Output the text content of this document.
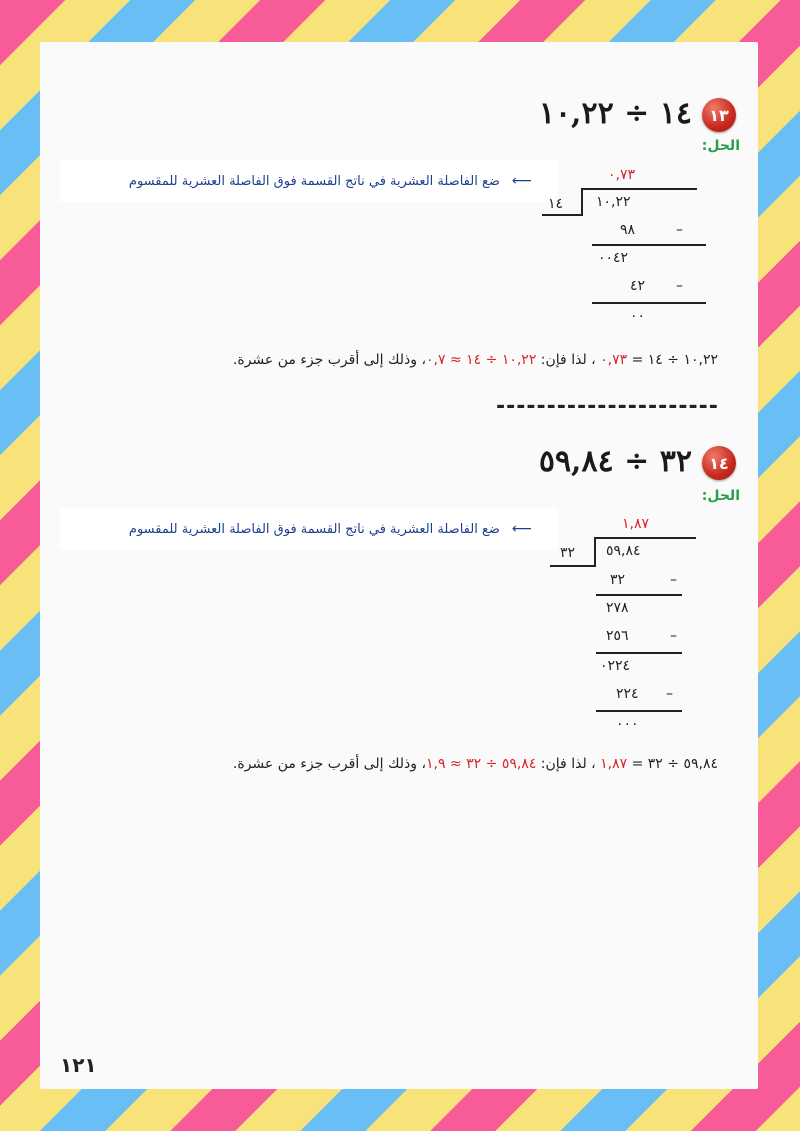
١٣
١٤ ÷ ١٠,٢٢
الحل:
ضع الفاصلة العشرية في ناتج القسمة فوق الفاصلة العشرية للمقسوم ⟵	٠,٧٣
١٤ ١٠,٢٢
٩٨	–
٠٠٤٢
٤٢ –
٠٠
١٠,٢٢ ÷ ١٤ = ٠,٧٣ ، لذا فإن: ١٠,٢٢ ÷ ١٤ ≈ ٠,٧، وذلك إلى أقرب جزء من عشرة.
----------------------
١٤
٣٢ ÷ ٥٩,٨٤
الحل:
ضع الفاصلة العشرية في ناتج القسمة فوق الفاصلة العشرية للمقسوم ⟵	١,٨٧
٣٢ ٥٩,٨٤
٣٢	–
٢٧٨
٢٥٦	–
٠٢٢٤
٢٢٤ –
٠٠٠
٥٩,٨٤ ÷ ٣٢ = ١,٨٧ ، لذا فإن: ٥٩,٨٤ ÷ ٣٢ ≈ ١,٩، وذلك إلى أقرب جزء من عشرة.
١٢١
